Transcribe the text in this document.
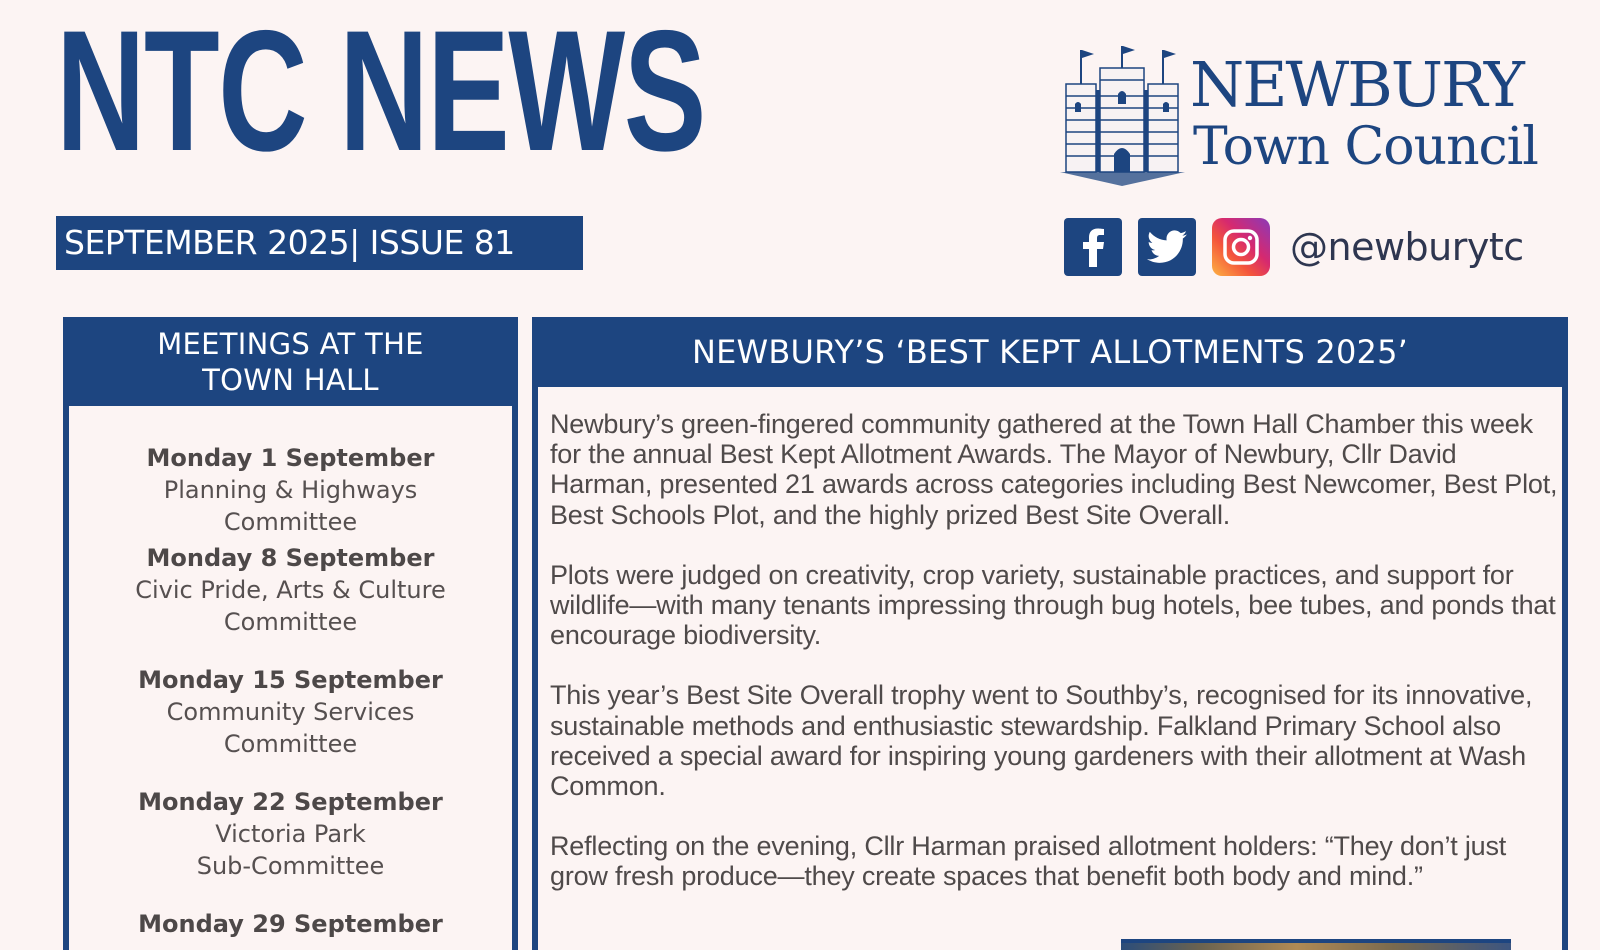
NTC NEWS
SEPTEMBER 2025| ISSUE 81
NEWBURY
Town Council
@newburytc
MEETINGS AT THE
TOWN HALL
Monday 1 September
Planning & Highways Committee
Monday 8 September
Civic Pride, Arts & Culture Committee
Monday 15 September
Community Services Committee
Monday 22 September
Victoria Park Sub-Committee
Monday 29 September
NEWBURY’S ‘BEST KEPT ALLOTMENTS 2025’

Newbury’s green-fingered community gathered at the Town Hall Chamber this week for the annual Best Kept Allotment Awards. The Mayor of Newbury, Cllr David Harman, presented 21 awards across categories including Best Newcomer, Best Plot, Best Schools Plot, and the highly prized Best Site Overall.

Plots were judged on creativity, crop variety, sustainable practices, and support for wildlife—with many tenants impressing through bug hotels, bee tubes, and ponds that encourage biodiversity.

This year’s Best Site Overall trophy went to Southby’s, recognised for its innovative, sustainable methods and enthusiastic stewardship. Falkland Primary School also received a special award for inspiring young gardeners with their allotment at Wash Common.

Reflecting on the evening, Cllr Harman praised allotment holders: “They don’t just grow fresh produce—they create spaces that benefit both body and mind.”
